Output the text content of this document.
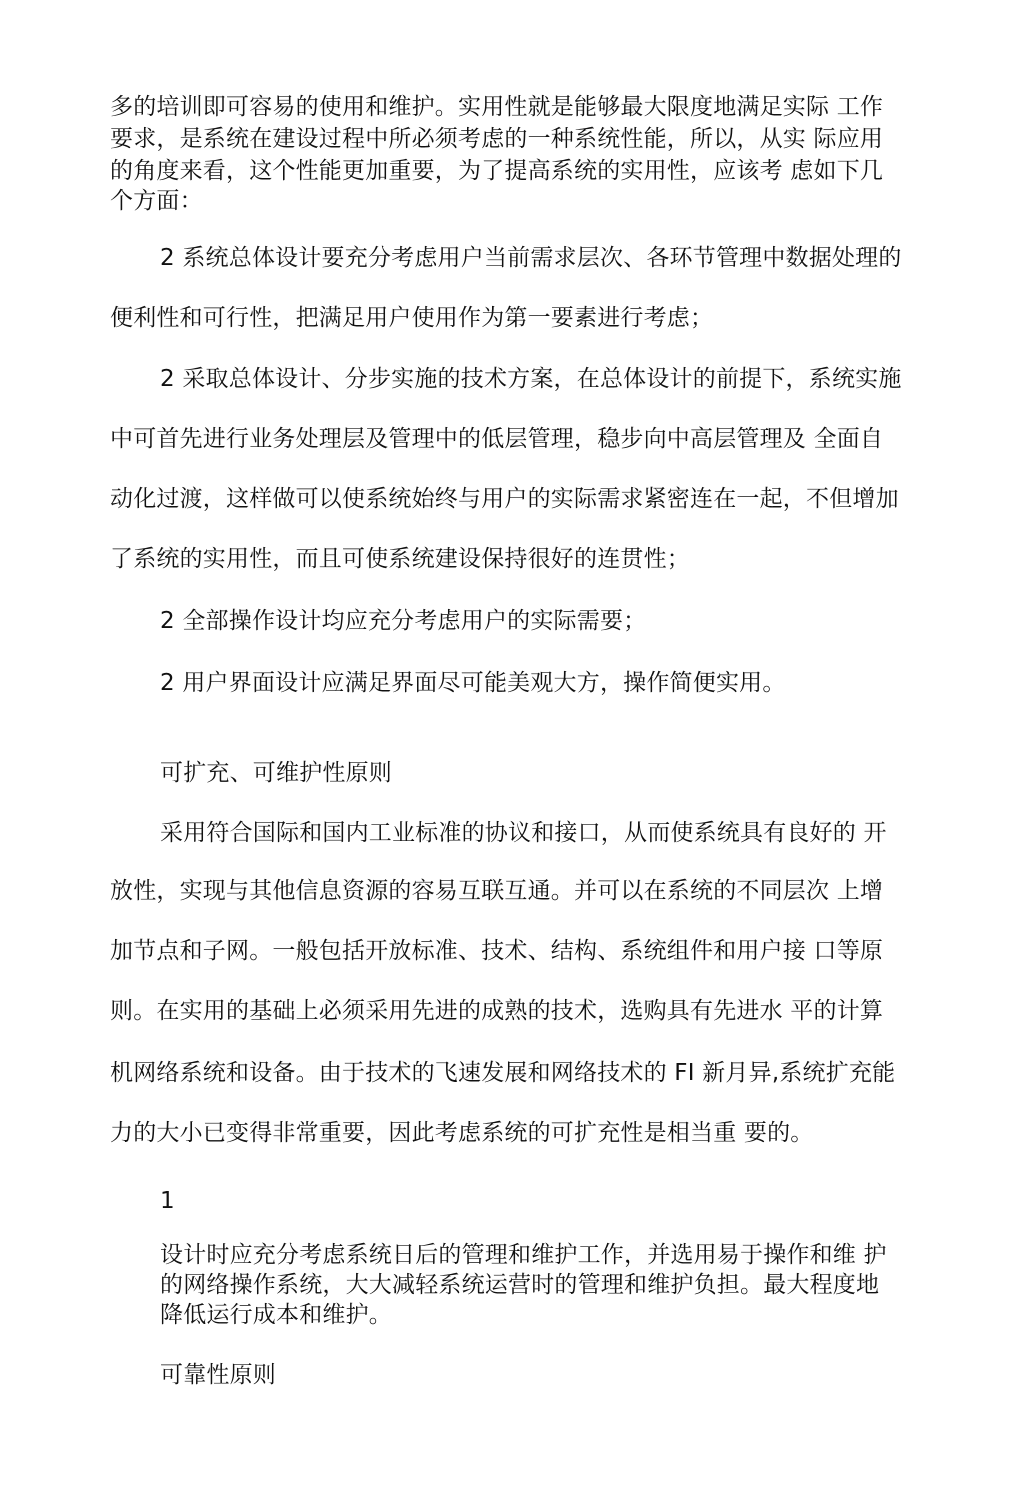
多的培训即可容易的使用和维护。实用性就是能够最大限度地满足实际 工作
要求，是系统在建设过程中所必须考虑的一种系统性能，所以，从实 际应用
的角度来看，这个性能更加重要，为了提高系统的实用性，应该考 虑如下几
个方面：
2 系统总体设计要充分考虑用户当前需求层次、各环节管理中数据处理的
便利性和可行性，把满足用户使用作为第一要素进行考虑；
2 采取总体设计、分步实施的技术方案，在总体设计的前提下，系统实施
中可首先进行业务处理层及管理中的低层管理，稳步向中高层管理及 全面自
动化过渡，这样做可以使系统始终与用户的实际需求紧密连在一起，不但增加
了系统的实用性，而且可使系统建设保持很好的连贯性；
2 全部操作设计均应充分考虑用户的实际需要；
2 用户界面设计应满足界面尽可能美观大方，操作简便实用。
可扩充、可维护性原则
采用符合国际和国内工业标准的协议和接口，从而使系统具有良好的 开
放性，实现与其他信息资源的容易互联互通。并可以在系统的不同层次 上增
加节点和子网。一般包括开放标准、技术、结构、系统组件和用户接 口等原
则。在实用的基础上必须采用先进的成熟的技术，选购具有先进水 平的计算
机网络系统和设备。由于技术的飞速发展和网络技术的 FI 新月异,系统扩充能
力的大小已变得非常重要，因此考虑系统的可扩充性是相当重 要的。
1
设计时应充分考虑系统日后的管理和维护工作，并选用易于操作和维 护
的网络操作系统，大大减轻系统运营时的管理和维护负担。最大程度地
降低运行成本和维护。
可靠性原则
